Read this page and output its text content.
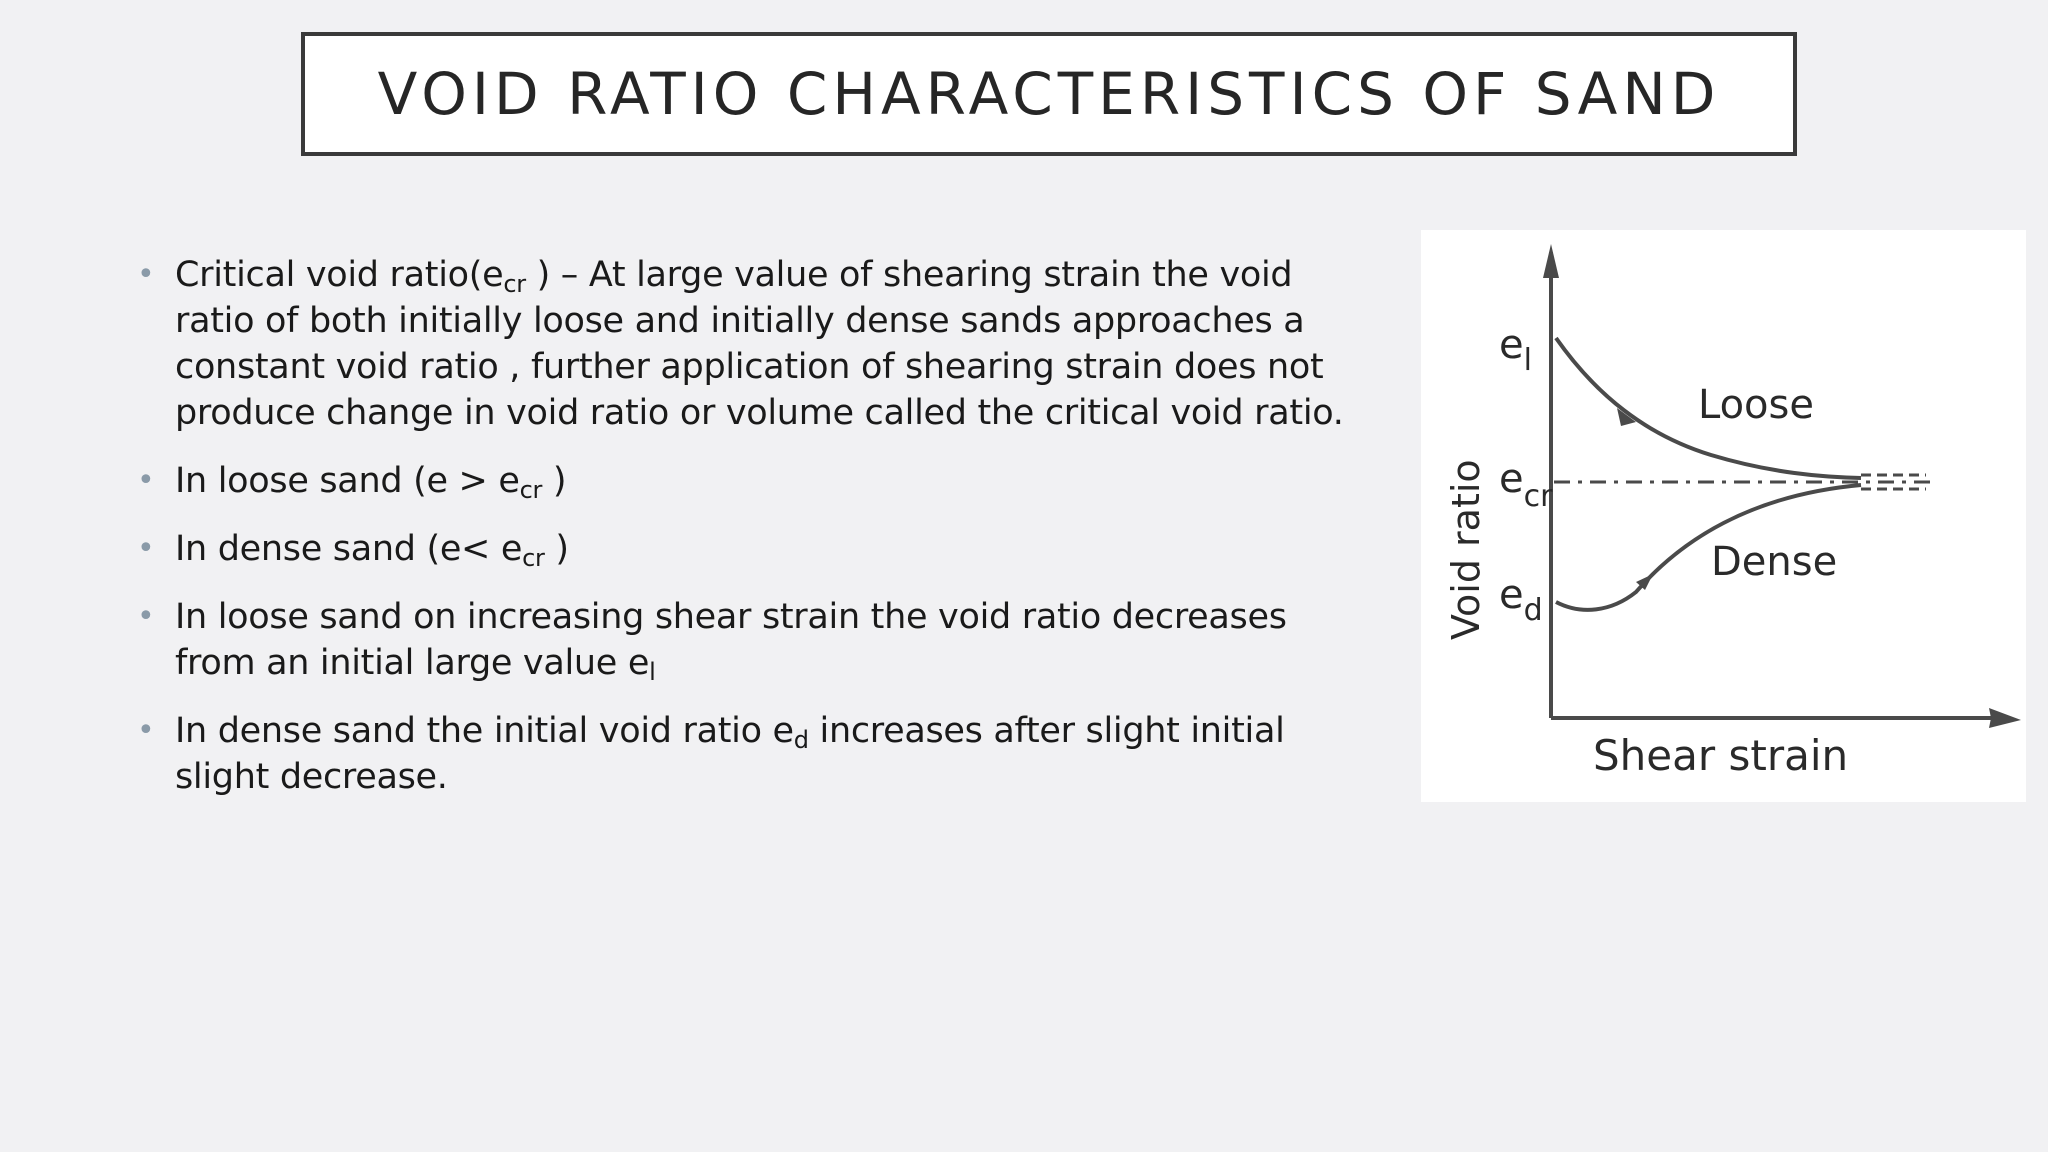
VOID RATIO CHARACTERISTICS OF SAND
• Critical void $ratio(e_{cr}$ ) – At large value of shearing strain the void ratio of both initially loose and initially dense sands approaches a constant void ratio , further application of shearing strain does not produce change in void ratio or volume called the critical void ratio.
• In loose sand ($e > e_{cr}$ )
• In dense sand ($e< e_{cr}$ )
• In loose sand on increasing shear strain the void ratio decreases from an initial large value $e_l$
• In dense sand the initial void ratio $e_d$ increases after slight initial slight decrease.
Loose
Dense
$e_l$
$e_{cr}$
$e_d$
Void ratio
Shear strain
